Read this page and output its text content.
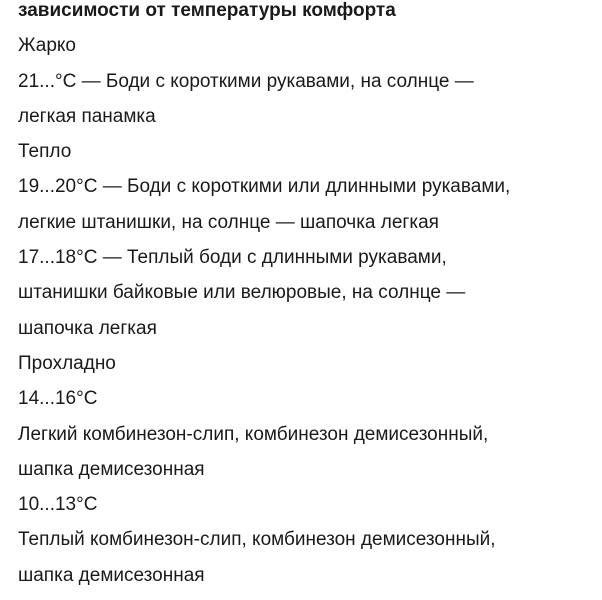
зависимости от температуры комфорта

Жарко

21...°С — Боди с короткими рукавами, на солнце —

легкая панамка

Тепло

19...20°С — Боди с короткими или длинными рукавами,

легкие штанишки, на солнце — шапочка легкая

17...18°С — Теплый боди с длинными рукавами,

штанишки байковые или велюровые, на солнце —

шапочка легкая

Прохладно

14...16°С

Легкий комбинезон-слип, комбинезон демисезонный,

шапка демисезонная

10...13°С

Теплый комбинезон-слип, комбинезон демисезонный,

шапка демисезонная
